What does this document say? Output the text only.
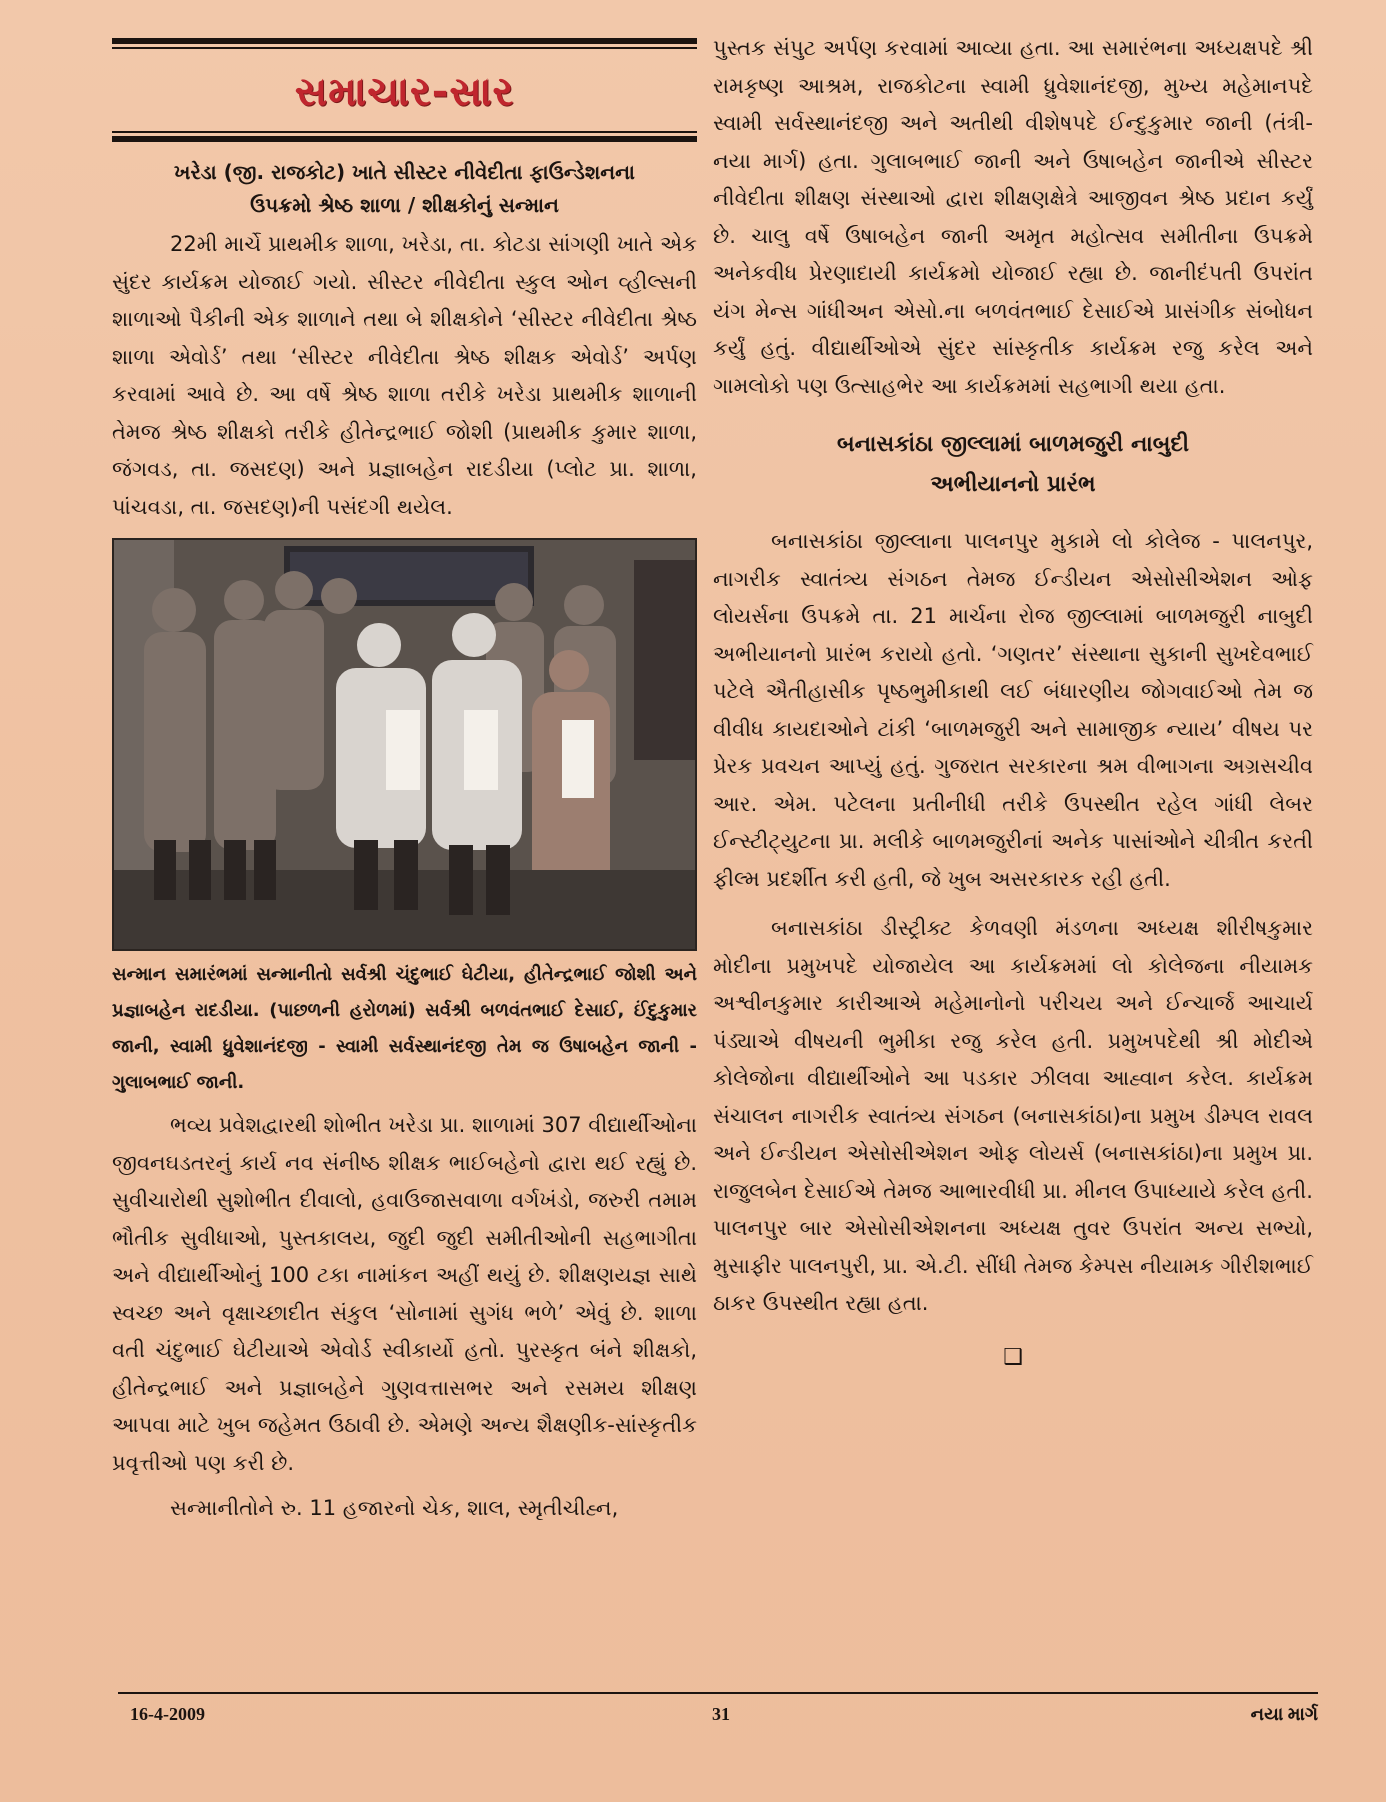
સમાચાર-સાર
ખરેડા (જી. રાજકોટ) ખાતે સીસ્ટર નીવેદીતા ફાઉન્ડેશનના
ઉપક્રમો શ્રેષ્ઠ શાળા / શીક્ષકોનું સન્માન

22મી માર્ચે પ્રાથમીક શાળા, ખરેડા, તા. કોટડા સાંગણી ખાતે એક સુંદર કાર્યક્રમ યોજાઈ ગયો. સીસ્ટર નીવેદીતા સ્કુલ ઓન વ્હીલ્સની શાળાઓ પૈકીની એક શાળાને તથા બે શીક્ષકોને ‘સીસ્ટર નીવેદીતા શ્રેષ્ઠ શાળા એવોર્ડ’ તથા ‘સીસ્ટર નીવેદીતા શ્રેષ્ઠ શીક્ષક એવોર્ડ’ અર્પણ કરવામાં આવે છે. આ વર્ષે શ્રેષ્ઠ શાળા તરીકે ખરેડા પ્રાથમીક શાળાની તેમજ શ્રેષ્ઠ શીક્ષકો તરીકે હીતેન્દ્રભાઈ જોશી (પ્રાથમીક કુમાર શાળા, જંગવડ, તા. જસદણ) અને પ્રજ્ઞાબહેન રાદડીયા (પ્લોટ પ્રા. શાળા, પાંચવડા, તા. જસદણ)ની પસંદગી થયેલ.

સન્માન સમારંભમાં સન્માનીતો સર્વશ્રી ચંદુભાઈ ઘેટીયા, હીતેન્દ્રભાઈ જોશી અને પ્રજ્ઞાબહેન રાદડીયા. (પાછળની હરોળમાં) સર્વશ્રી બળવંતભાઈ દેસાઈ, ઈંદુકુમાર જાની, સ્વામી ધ્રુવેશાનંદજી - સ્વામી સર્વસ્થાનંદજી તેમ જ ઉષાબહેન જાની - ગુલાબભાઈ જાની.

ભવ્ય પ્રવેશદ્વારથી શોભીત ખરેડા પ્રા. શાળામાં 307 વીદ્યાર્થીઓના જીવનઘડતરનું કાર્ય નવ સંનીષ્ઠ શીક્ષક ભાઈબહેનો દ્વારા થઈ રહ્યું છે. સુવીચારોથી સુશોભીત દીવાલો, હવાઉજાસવાળા વર્ગખંડો, જરુરી તમામ ભૌતીક સુવીધાઓ, પુસ્તકાલય, જુદી જુદી સમીતીઓની સહભાગીતા અને વીદ્યાર્થીઓનું 100 ટકા નામાંકન અહીં થયું છે. શીક્ષણયજ્ઞ સાથે સ્વચ્છ અને વૃક્ષાચ્છાદીત સંકુલ ‘સોનામાં સુગંધ ભળે’ એવું છે. શાળા વતી ચંદુભાઈ ઘેટીયાએ એવોર્ડ સ્વીકાર્યો હતો. પુરસ્કૃત બંને શીક્ષકો, હીતેન્દ્રભાઈ અને પ્રજ્ઞાબહેને ગુણવત્તાસભર અને રસમય શીક્ષણ આપવા માટે ખુબ જહેમત ઉઠાવી છે. એમણે અન્ય શૈક્ષણીક-સાંસ્કૃતીક પ્રવૃત્તીઓ પણ કરી છે.

સન્માનીતોને રુ. 11 હજારનો ચેક, શાલ, સ્મૃતીચીહ્ન,

પુસ્તક સંપુટ અર્પણ કરવામાં આવ્યા હતા. આ સમારંભના અધ્યક્ષપદે શ્રી રામકૃષ્ણ આશ્રમ, રાજકોટના સ્વામી ધ્રુવેશાનંદજી, મુખ્ય મહેમાનપદે સ્વામી સર્વસ્થાનંદજી અને અતીથી વીશેષપદે ઈન્દુકુમાર જાની (તંત્રી-નયા માર્ગ) હતા. ગુલાબભાઈ જાની અને ઉષાબહેન જાનીએ સીસ્ટર નીવેદીતા શીક્ષણ સંસ્થાઓ દ્વારા શીક્ષણક્ષેત્રે આજીવન શ્રેષ્ઠ પ્રદાન કર્યું છે. ચાલુ વર્ષે ઉષાબહેન જાની અમૃત મહોત્સવ સમીતીના ઉપક્રમે અનેકવીધ પ્રેરણાદાયી કાર્યક્રમો યોજાઈ રહ્યા છે. જાનીદંપતી ઉપરાંત યંગ મેન્સ ગાંધીઅન એસો.ના બળવંતભાઈ દેસાઈએ પ્રાસંગીક સંબોધન કર્યું હતું. વીદ્યાર્થીઓએ સુંદર સાંસ્કૃતીક કાર્યક્રમ રજુ કરેલ અને ગામલોકો પણ ઉત્સાહભેર આ કાર્યક્રમમાં સહભાગી થયા હતા.

બનાસકાંઠા જીલ્લામાં બાળમજુરી નાબુદી
અભીયાનનો પ્રારંભ

બનાસકાંઠા જીલ્લાના પાલનપુર મુકામે લો કોલેજ - પાલનપુર, નાગરીક સ્વાતંત્ર્ય સંગઠન તેમજ ઈન્ડીયન એસોસીએશન ઓફ લોયર્સના ઉપક્રમે તા. 21 માર્ચના રોજ જીલ્લામાં બાળમજુરી નાબુદી અભીયાનનો પ્રારંભ કરાયો હતો. ‘ગણતર’ સંસ્થાના સુકાની સુખદેવભાઈ પટેલે ઐતીહાસીક પૃષ્ઠભુમીકાથી લઈ બંધારણીય જોગવાઈઓ તેમ જ વીવીધ કાયદાઓને ટાંકી ‘બાળમજુરી અને સામાજીક ન્યાય’ વીષય પર પ્રેરક પ્રવચન આપ્યું હતું. ગુજરાત સરકારના શ્રમ વીભાગના અગ્રસચીવ આર. એમ. પટેલના પ્રતીનીધી તરીકે ઉપસ્થીત રહેલ ગાંધી લેબર ઈન્સ્ટીટ્યુટના પ્રા. મલીકે બાળમજુરીનાં અનેક પાસાંઓને ચીત્રીત કરતી ફીલ્મ પ્રદર્શીત કરી હતી, જે ખુબ અસરકારક રહી હતી.

બનાસકાંઠા ડીસ્ટ્રીક્ટ કેળવણી મંડળના અધ્યક્ષ શીરીષકુમાર મોદીના પ્રમુખપદે યોજાયેલ આ કાર્યક્રમમાં લો કોલેજના નીયામક અશ્વીનકુમાર કારીઆએ મહેમાનોનો પરીચય અને ઈન્ચાર્જ આચાર્ય પંડ્યાએ વીષયની ભુમીકા રજુ કરેલ હતી. પ્રમુખપદેથી શ્રી મોદીએ કોલેજોના વીદ્યાર્થીઓને આ પડકાર ઝીલવા આહ્વાન કરેલ. કાર્યક્રમ સંચાલન નાગરીક સ્વાતંત્ર્ય સંગઠન (બનાસકાંઠા)ના પ્રમુખ ડીમ્પલ રાવલ અને ઈન્ડીયન એસોસીએશન ઓફ લોયર્સ (બનાસકાંઠા)ના પ્રમુખ પ્રા. રાજુલબેન દેસાઈએ તેમજ આભારવીધી પ્રા. મીનલ ઉપાધ્યાયે કરેલ હતી. પાલનપુર બાર એસોસીએશનના અધ્યક્ષ તુવર ઉપરાંત અન્ય સભ્યો, મુસાફીર પાલનપુરી, પ્રા. એ.ટી. સીંધી તેમજ કેમ્પસ નીયામક ગીરીશભાઈ ઠાકર ઉપસ્થીત રહ્યા હતા.

❑
16-4-2009	31	નયા માર્ગ
